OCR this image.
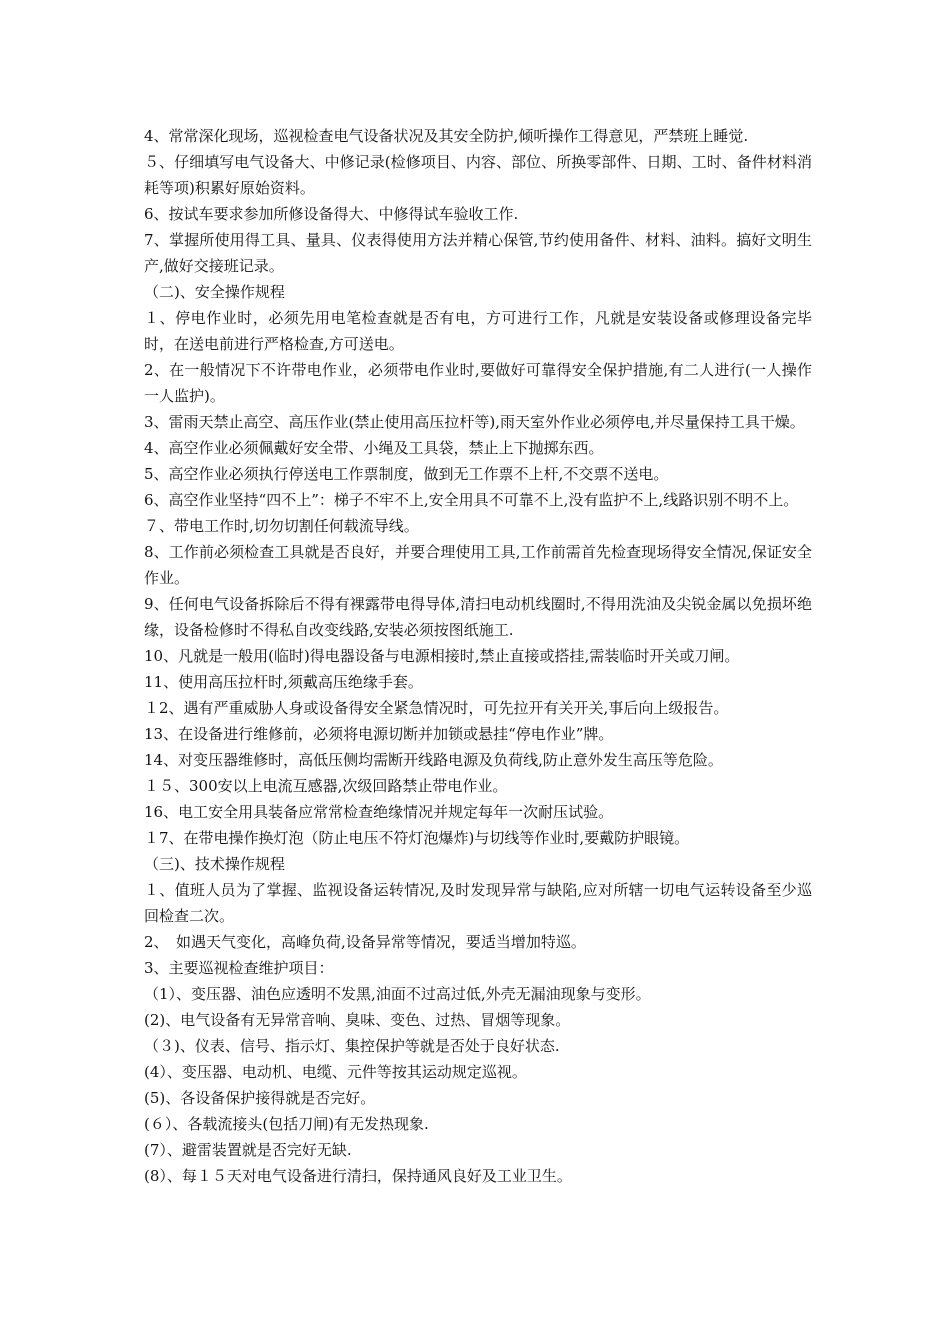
4、常常深化现场，巡视检查电气设备状况及其安全防护,倾听操作工得意见，严禁班上睡觉.

５、仔细填写电气设备大、中修记录(检修项目、内容、部位、所换零部件、日期、工时、备件材料消耗等项)积累好原始资料。

6、按试车要求参加所修设备得大、中修得试车验收工作.

7、掌握所使用得工具、量具、仪表得使用方法并精心保管,节约使用备件、材料、油料。搞好文明生产,做好交接班记录。

（二)、安全操作规程

１、停电作业时，必须先用电笔检查就是否有电，方可进行工作，凡就是安装设备或修理设备完毕时，在送电前进行严格检查,方可送电。

2、在一般情况下不许带电作业，必须带电作业时,要做好可靠得安全保护措施,有二人进行(一人操作一人监护)。

3、雷雨天禁止高空、高压作业(禁止使用高压拉杆等),雨天室外作业必须停电,并尽量保持工具干燥。

4、高空作业必须佩戴好安全带、小绳及工具袋，禁止上下抛掷东西。

5、高空作业必须执行停送电工作票制度，做到无工作票不上杆,不交票不送电。

6、高空作业坚持“四不上”：梯子不牢不上,安全用具不可靠不上,没有监护不上,线路识别不明不上。

７、带电工作时,切勿切割任何载流导线。

8、工作前必须检查工具就是否良好，并要合理使用工具,工作前需首先检查现场得安全情况,保证安全作业。

9、任何电气设备拆除后不得有裸露带电得导体,清扫电动机线圈时,不得用洗油及尖锐金属以免损坏绝缘，设备检修时不得私自改变线路,安装必须按图纸施工.

10、凡就是一般用(临时)得电器设备与电源相接时,禁止直接或搭挂,需装临时开关或刀闸。

11、使用高压拉杆时,须戴高压绝缘手套。

１2、遇有严重威胁人身或设备得安全紧急情况时，可先拉开有关开关,事后向上级报告。

13、在设备进行维修前，必须将电源切断并加锁或悬挂“停电作业”牌。

14、对变压器维修时，高低压侧均需断开线路电源及负荷线,防止意外发生高压等危险。

１５、300安以上电流互感器,次级回路禁止带电作业。

16、电工安全用具装备应常常检查绝缘情况并规定每年一次耐压试验。

１7、在带电操作换灯泡（防止电压不符灯泡爆炸)与切线等作业时,要戴防护眼镜。

（三)、技术操作规程

１、值班人员为了掌握、监视设备运转情况,及时发现异常与缺陷,应对所辖一切电气运转设备至少巡回检查二次。

2、　如遇天气变化，高峰负荷,设备异常等情况，要适当增加特巡。

3、主要巡视检查维护项目：

（1）、变压器、油色应透明不发黑,油面不过高过低,外壳无漏油现象与变形。

(2)、电气设备有无异常音响、臭味、变色、过热、冒烟等现象。

（３)、仪表、信号、指示灯、集控保护等就是否处于良好状态.

(4）、变压器、电动机、电缆、元件等按其运动规定巡视。

(5)、各设备保护接得就是否完好。

(６）、各载流接头(包括刀闸)有无发热现象.

(7）、避雷装置就是否完好无缺.

(8）、每１５天对电气设备进行清扫，保持通风良好及工业卫生。
